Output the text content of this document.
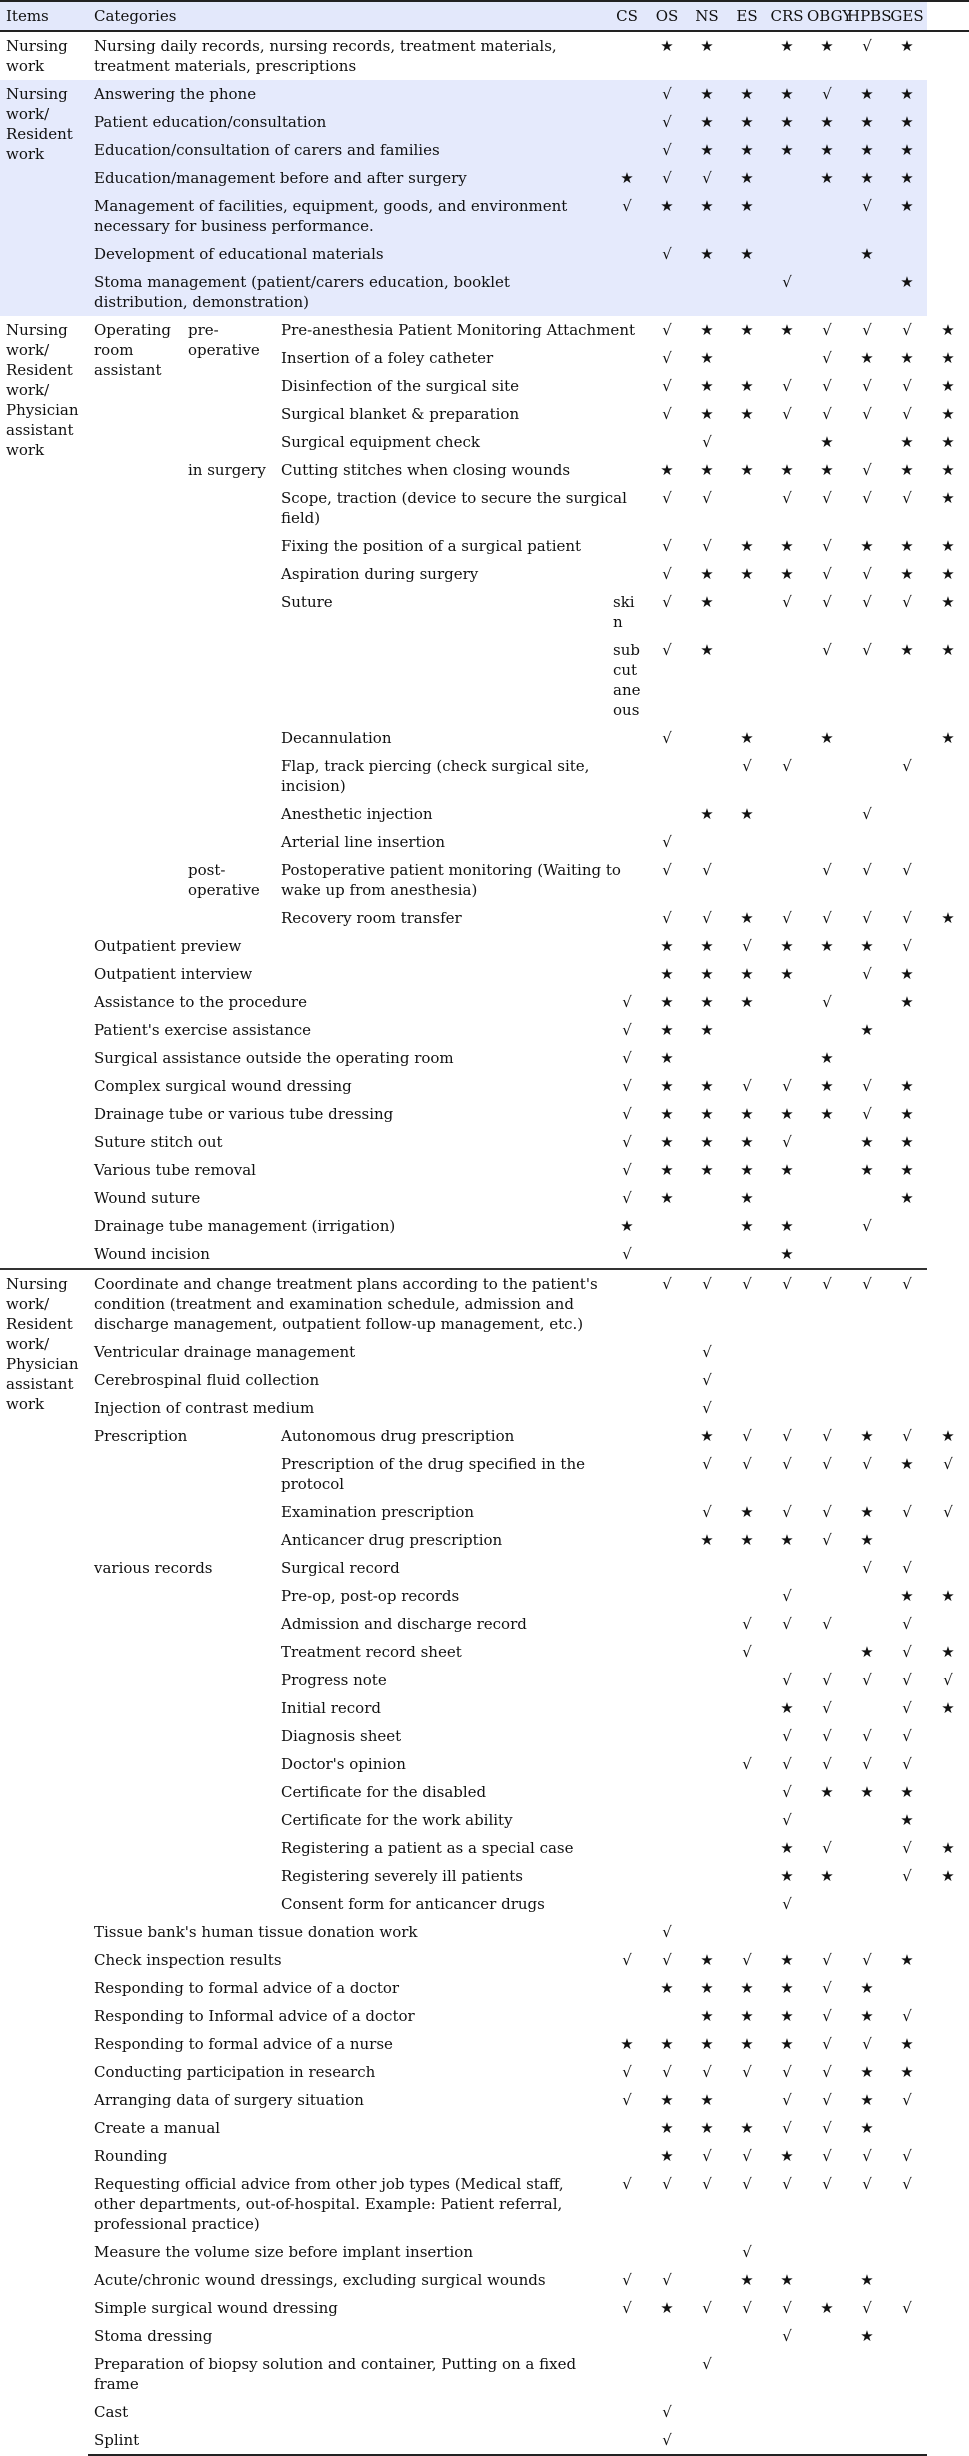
Items	Categories			CS	OS	NS	ES	CRS	OBGY	HPBS	GES	
Nursing work	Nursing daily records, nursing records, treatment materials, treatment materials, prescriptions				★	★		★	★	√	★	
Nursing work/ Resident work	Answering the phone				√	★	★	★	√	★	★	
	Patient education/consultation				√	★	★	★	★	★	★	
	Education/consultation of carers and families				√	★	★	★	★	★	★	
	Education/management before and after surgery			★	√	√	★		★	★	★	
	Management of facilities, equipment, goods, and environment necessary for business performance.			√	★	★	★			√	★	
	Development of educational materials				√	★	★			★		
	Stoma management (patient/carers education, booklet distribution, demonstration)							√			★	
Nursing work/ Resident work/ Physician assistant work	Operating room assistant	pre-operative	Pre-anesthesia Patient Monitoring Attachment		√	★	★	★	√	√	√	★
			Insertion of a foley catheter		√	★			√	★	★	★
			Disinfection of the surgical site		√	★	★	√	√	√	√	★
			Surgical blanket & preparation		√	★	★	√	√	√	√	★
			Surgical equipment check			√			★		★	★
		in surgery	Cutting stitches when closing wounds		★	★	★	★	★	√	★	★
			Scope, traction (device to secure the surgical field)		√	√		√	√	√	√	★
			Fixing the position of a surgical patient		√	√	★	★	√	★	★	★
			Aspiration during surgery		√	★	★	★	√	√	★	★
			Suture	skin	√	★		√	√	√	√	★
				subcutaneous	√	★			√	√	★	★
			Decannulation		√		★		★			★
			Flap, track piercing (check surgical site, incision)				√	√			√	
			Anesthetic injection			★	★			√		
			Arterial line insertion		√							
		post-operative	Postoperative patient monitoring (Waiting to wake up from anesthesia)		√	√			√	√	√	
			Recovery room transfer		√	√	★	√	√	√	√	★
	Outpatient preview				★	★	√	★	★	★	√	
	Outpatient interview				★	★	★	★		√	★	
	Assistance to the procedure			√	★	★	★		√		★	
	Patient's exercise assistance			√	★	★				★		
	Surgical assistance outside the operating room			√	★				★			
	Complex surgical wound dressing			√	★	★	√	√	★	√	★	
	Drainage tube or various tube dressing			√	★	★	★	★	★	√	★	
	Suture stitch out			√	★	★	★	√		★	★	
	Various tube removal			√	★	★	★	★		★	★	
	Wound suture			√	★		★				★	
	Drainage tube management (irrigation)			★			★	★		√		
	Wound incision			√				★				
Nursing work/ Resident work/ Physician assistant work	Coordinate and change treatment plans according to the patient's condition (treatment and examination schedule, admission and discharge management, outpatient follow-up management, etc.)				√	√	√	√	√	√	√	
	Ventricular drainage management					√						
	Cerebrospinal fluid collection					√						
	Injection of contrast medium					√						
	Prescription		Autonomous drug prescription			★	√	√	√	★	√	★
			Prescription of the drug specified in the protocol			√	√	√	√	√	★	√
			Examination prescription			√	★	√	√	★	√	√
			Anticancer drug prescription			★	★	★	√	★		
	various records		Surgical record							√	√	
			Pre-op, post-op records					√			★	★
			Admission and discharge record				√	√	√		√	
			Treatment record sheet				√			★	√	★
			Progress note					√	√	√	√	√
			Initial record					★	√		√	★
			Diagnosis sheet					√	√	√	√	
			Doctor's opinion				√	√	√	√	√	
			Certificate for the disabled					√	★	★	★	
			Certificate for the work ability					√			★	
			Registering a patient as a special case					★	√		√	★
			Registering severely ill patients					★	★		√	★
			Consent form for anticancer drugs					√				
	Tissue bank's human tissue donation work				√							
	Check inspection results			√	√	★	√	★	√	√	★	
	Responding to formal advice of a doctor				★	★	★	★	√	★		
	Responding to Informal advice of a doctor					★	★	★	√	★	√	
	Responding to formal advice of a nurse			★	★	★	★	★	√	√	★	
	Conducting participation in research			√	√	√	√	√	√	★	★	
	Arranging data of surgery situation			√	★	★		√	√	★	√	
	Create a manual				★	★	★	√	√	★		
	Rounding				★	√	√	★	√	√	√	
	Requesting official advice from other job types (Medical staff, other departments, out-of-hospital. Example: Patient referral, professional practice)			√	√	√	√	√	√	√	√	
	Measure the volume size before implant insertion						√					
	Acute/chronic wound dressings, excluding surgical wounds			√	√		★	★		★		
	Simple surgical wound dressing			√	★	√	√	√	★	√	√	
	Stoma dressing							√		★		
	Preparation of biopsy solution and container, Putting on a fixed frame					√						
	Cast				√							
	Splint				√							
